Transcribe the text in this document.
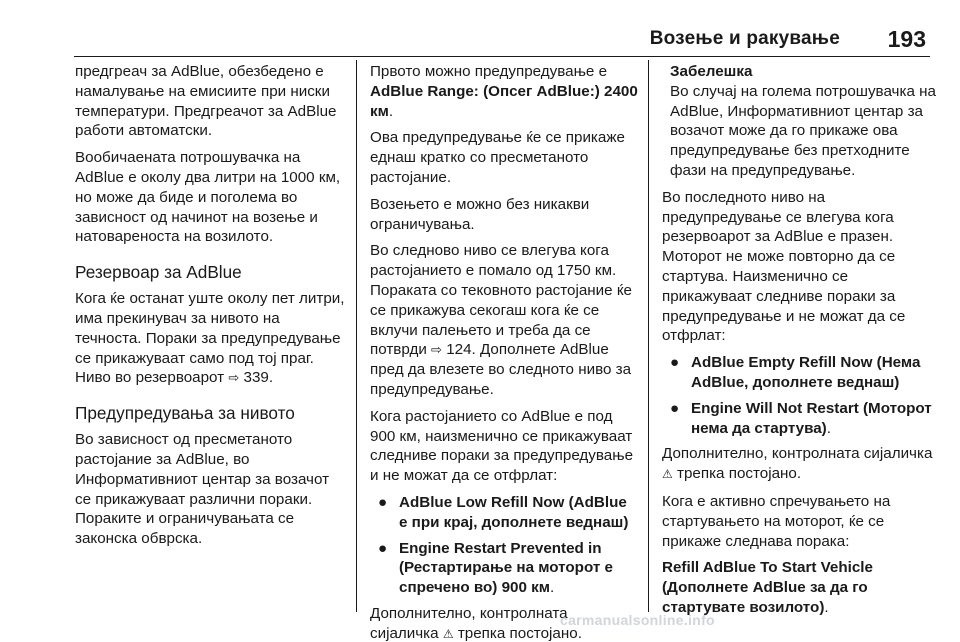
Возење и ракување 193

предгреач за AdBlue, обезбедено е намалување на емисиите при ниски температури. Предгреачот за AdBlue работи автоматски.

Вообичаената потрошувачка на AdBlue е околу два литри на 1000 км, но може да биде и поголема во зависност од начинот на возење и натовареноста на возилото.

Резервоар за AdBlue

Кога ќе останат уште околу пет литри, има прекинувач за нивото на течноста. Пораки за предупредување се прикажуваат само под тој праг. Ниво во резервоарот ⇨ 339.

Предупредувања за нивото

Во зависност од пресметаното растојание за AdBlue, во Информативниот центар за возачот се прикажуваат различни пораки. Пораките и ограничувањата се законска обврска.

Првото можно предупредување е AdBlue Range: (Опсег AdBlue:) 2400 км.

Ова предупредување ќе се прикаже еднаш кратко со пресметаното растојание.

Возењето е можно без никакви ограничувања.

Во следново ниво се влегува кога растојанието е помало од 1750 км. Пораката со тековното растојание ќе се прикажува секогаш кога ќе се вклучи палењето и треба да се потврди ⇨ 124. Дополнете AdBlue пред да влезете во следното ниво за предупредување.

Кога растојанието со AdBlue е под 900 км, наизменично се прикажуваат следниве пораки за предупредување и не можат да се отфрлат:

● AdBlue Low Refill Now (AdBlue е при крај, дополнете веднаш)
● Engine Restart Prevented in (Рестартирање на моторот е спречено во) 900 км.

Дополнително, контролната сијаличка ⚠ трепка постојано.

Забелешка

Во случај на голема потрошувачка на AdBlue, Информативниот центар за возачот може да го прикаже ова предупредување без претходните фази на предупредување.

Во последното ниво на предупредување се влегува кога резервоарот за AdBlue е празен. Моторот не може повторно да се стартува. Наизменично се прикажуваат следниве пораки за предупредување и не можат да се отфрлат:

● AdBlue Empty Refill Now (Нема AdBlue, дополнете веднаш)
● Engine Will Not Restart (Моторот нема да стартува).

Дополнително, контролната сијаличка ⚠ трепка постојано.

Кога е активно спречувањето на стартувањето на моторот, ќе се прикаже следнава порака:

Refill AdBlue To Start Vehicle (Дополнете AdBlue за да го стартувате возилото).

carmanualsonline.info
